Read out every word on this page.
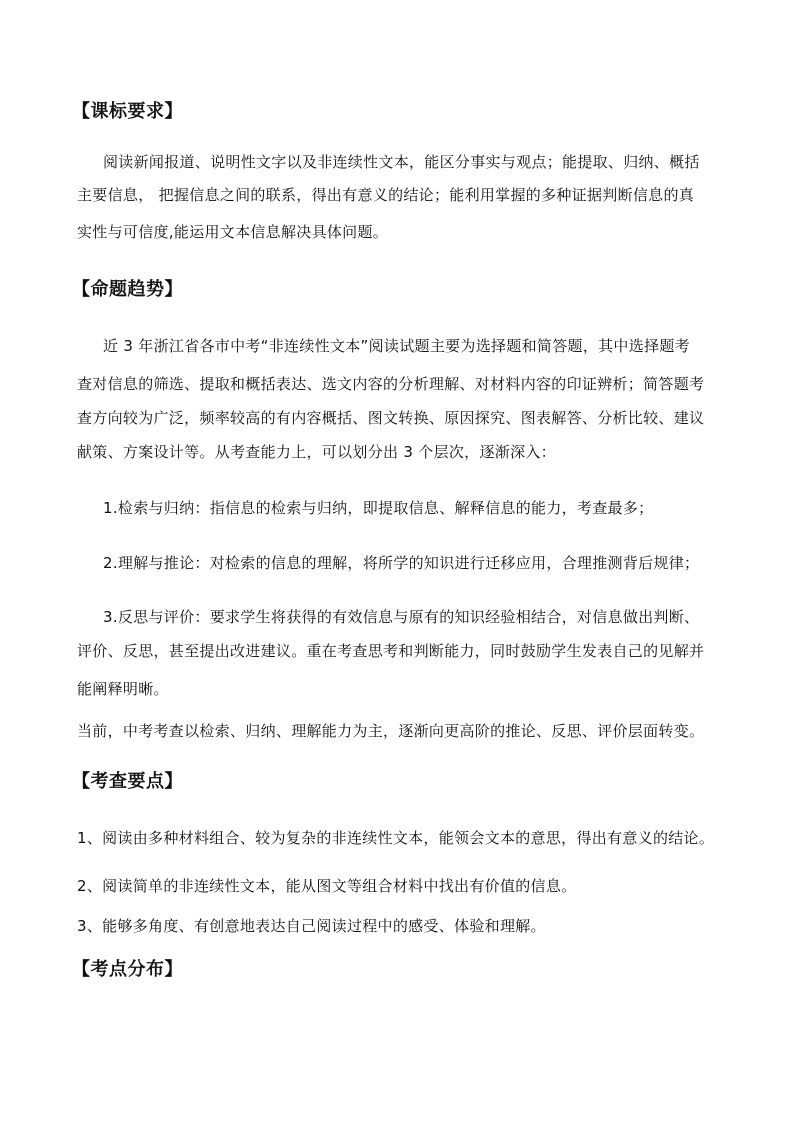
【课标要求】
阅读新闻报道、说明性文字以及非连续性文本，能区分事实与观点；能提取、归纳、概括
主要信息， 把握信息之间的联系，得出有意义的结论；能利用掌握的多种证据判断信息的真
实性与可信度,能运用文本信息解决具体问题。
【命题趋势】
近 3 年浙江省各市中考“非连续性文本”阅读试题主要为选择题和简答题，其中选择题考
查对信息的筛选、提取和概括表达、选文内容的分析理解、对材料内容的印证辨析；简答题考
查方向较为广泛，频率较高的有内容概括、图文转换、原因探究、图表解答、分析比较、建议
献策、方案设计等。从考查能力上，可以划分出 3 个层次，逐渐深入：
1.检索与归纳：指信息的检索与归纳，即提取信息、解释信息的能力，考查最多；
2.理解与推论：对检索的信息的理解，将所学的知识进行迁移应用，合理推测背后规律；
3.反思与评价：要求学生将获得的有效信息与原有的知识经验相结合，对信息做出判断、
评价、反思，甚至提出改进建议。重在考查思考和判断能力，同时鼓励学生发表自己的见解并
能阐释明晰。
当前，中考考查以检索、归纳、理解能力为主，逐渐向更高阶的推论、反思、评价层面转变。
【考查要点】
1、阅读由多种材料组合、较为复杂的非连续性文本，能领会文本的意思，得出有意义的结论。
2、阅读简单的非连续性文本，能从图文等组合材料中找出有价值的信息。
3、能够多角度、有创意地表达自己阅读过程中的感受、体验和理解。
【考点分布】
